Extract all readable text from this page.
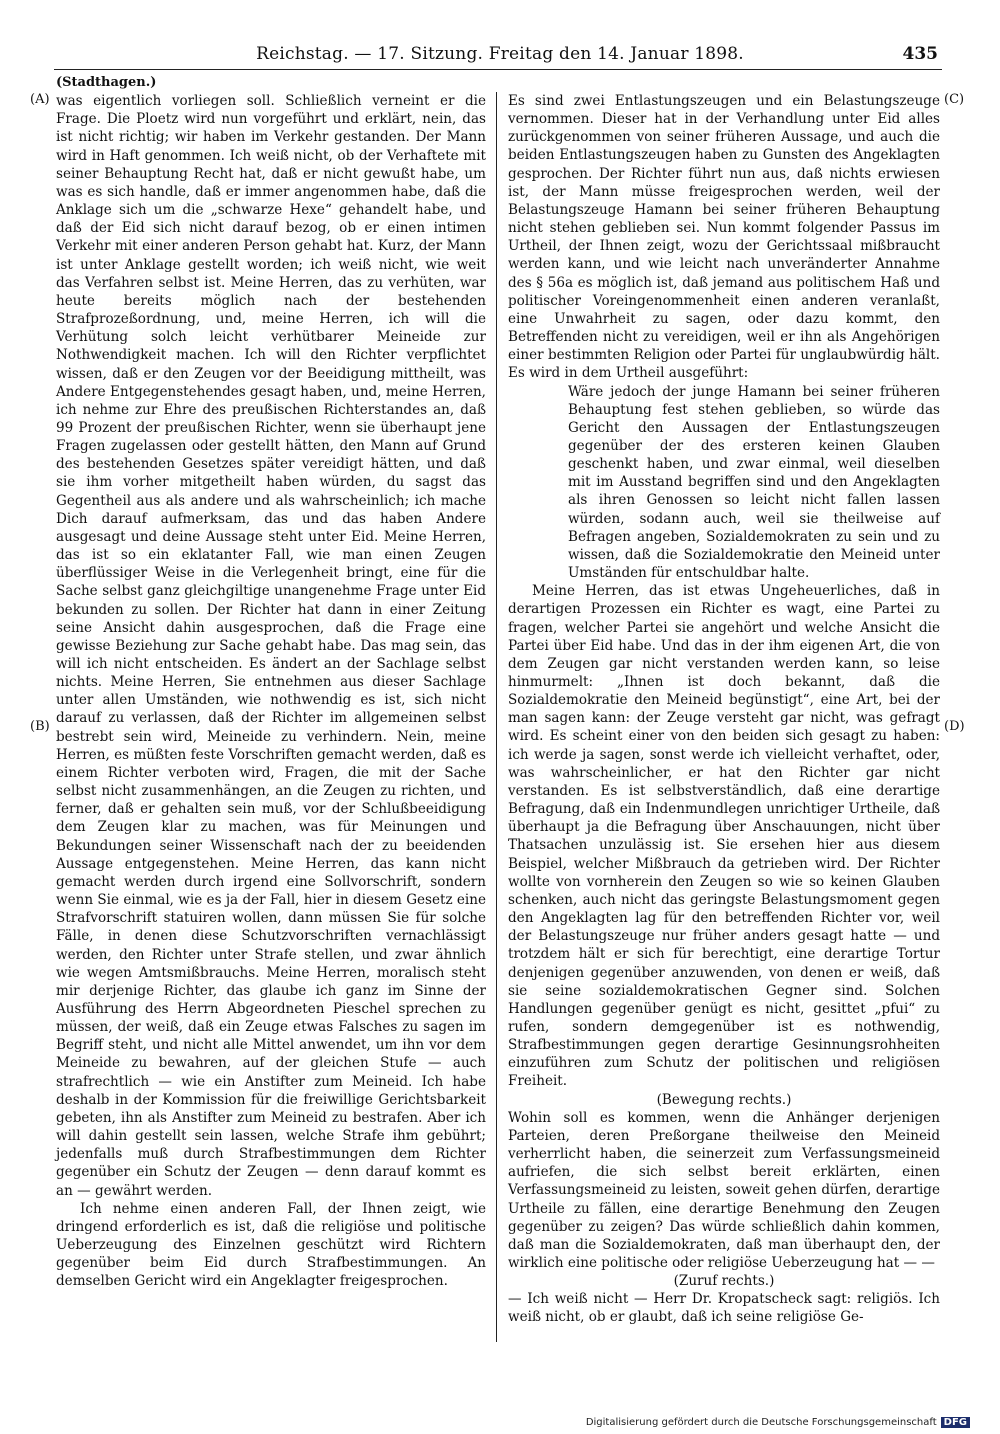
Reichstag. — 17. Sitzung. Freitag den 14. Januar 1898.	435
(A)
(B)
(C)
(D)

(Stadthagen.)

was eigentlich vorliegen soll. Schließlich verneint er die Frage. Die Ploetz wird nun vorgeführt und erklärt, nein, das ist nicht richtig; wir haben im Verkehr gestanden. Der Mann wird in Haft genommen. Ich weiß nicht, ob der Verhaftete mit seiner Behauptung Recht hat, daß er nicht gewußt habe, um was es sich handle, daß er immer angenommen habe, daß die Anklage sich um die „schwarze Hexe“ gehandelt habe, und daß der Eid sich nicht darauf bezog, ob er einen intimen Verkehr mit einer anderen Person gehabt hat. Kurz, der Mann ist unter Anklage gestellt worden; ich weiß nicht, wie weit das Verfahren selbst ist. Meine Herren, das zu verhüten, war heute bereits möglich nach der bestehenden Strafprozeßordnung, und, meine Herren, ich will die Verhütung solch leicht verhütbarer Meineide zur Nothwendigkeit machen. Ich will den Richter verpflichtet wissen, daß er den Zeugen vor der Beeidigung mittheilt, was Andere Entgegenstehendes gesagt haben, und, meine Herren, ich nehme zur Ehre des preußischen Richterstandes an, daß 99 Prozent der preußischen Richter, wenn sie überhaupt jene Fragen zugelassen oder gestellt hätten, den Mann auf Grund des bestehenden Gesetzes später vereidigt hätten, und daß sie ihm vorher mitgetheilt haben würden, du sagst das Gegentheil aus als andere und als wahrscheinlich; ich mache Dich darauf aufmerksam, das und das haben Andere ausgesagt und deine Aussage steht unter Eid. Meine Herren, das ist so ein eklatanter Fall, wie man einen Zeugen überflüssiger Weise in die Verlegenheit bringt, eine für die Sache selbst ganz gleichgiltige unangenehme Frage unter Eid bekunden zu sollen. Der Richter hat dann in einer Zeitung seine Ansicht dahin ausgesprochen, daß die Frage eine gewisse Beziehung zur Sache gehabt habe. Das mag sein, das will ich nicht entscheiden. Es ändert an der Sachlage selbst nichts. Meine Herren, Sie entnehmen aus dieser Sachlage unter allen Umständen, wie nothwendig es ist, sich nicht darauf zu verlassen, daß der Richter im allgemeinen selbst bestrebt sein wird, Meineide zu verhindern. Nein, meine Herren, es müßten feste Vorschriften gemacht werden, daß es einem Richter verboten wird, Fragen, die mit der Sache selbst nicht zusammenhängen, an die Zeugen zu richten, und ferner, daß er gehalten sein muß, vor der Schlußbeeidigung dem Zeugen klar zu machen, was für Meinungen und Bekundungen seiner Wissenschaft nach der zu beeidenden Aussage entgegenstehen. Meine Herren, das kann nicht gemacht werden durch irgend eine Sollvorschrift, sondern wenn Sie einmal, wie es ja der Fall, hier in diesem Gesetz eine Strafvorschrift statuiren wollen, dann müssen Sie für solche Fälle, in denen diese Schutzvorschriften vernachlässigt werden, den Richter unter Strafe stellen, und zwar ähnlich wie wegen Amtsmißbrauchs. Meine Herren, moralisch steht mir derjenige Richter, das glaube ich ganz im Sinne der Ausführung des Herrn Abgeordneten Pieschel sprechen zu müssen, der weiß, daß ein Zeuge etwas Falsches zu sagen im Begriff steht, und nicht alle Mittel anwendet, um ihn vor dem Meineide zu bewahren, auf der gleichen Stufe — auch strafrechtlich — wie ein Anstifter zum Meineid. Ich habe deshalb in der Kommission für die freiwillige Gerichtsbarkeit gebeten, ihn als Anstifter zum Meineid zu bestrafen. Aber ich will dahin gestellt sein lassen, welche Strafe ihm gebührt; jedenfalls muß durch Strafbestimmungen dem Richter gegenüber ein Schutz der Zeugen — denn darauf kommt es an — gewährt werden.

Ich nehme einen anderen Fall, der Ihnen zeigt, wie dringend erforderlich es ist, daß die religiöse und politische Ueberzeugung des Einzelnen geschützt wird Richtern gegenüber beim Eid durch Strafbestimmungen. An demselben Gericht wird ein Angeklagter freigesprochen.

Es sind zwei Entlastungszeugen und ein Belastungszeuge vernommen. Dieser hat in der Verhandlung unter Eid alles zurückgenommen von seiner früheren Aussage, und auch die beiden Entlastungszeugen haben zu Gunsten des Angeklagten gesprochen. Der Richter führt nun aus, daß nichts erwiesen ist, der Mann müsse freigesprochen werden, weil der Belastungszeuge Hamann bei seiner früheren Behauptung nicht stehen geblieben sei. Nun kommt folgender Passus im Urtheil, der Ihnen zeigt, wozu der Gerichtssaal mißbraucht werden kann, und wie leicht nach unveränderter Annahme des § 56a es möglich ist, daß jemand aus politischem Haß und politischer Voreingenommenheit einen anderen veranlaßt, eine Unwahrheit zu sagen, oder dazu kommt, den Betreffenden nicht zu vereidigen, weil er ihn als Angehörigen einer bestimmten Religion oder Partei für unglaubwürdig hält. Es wird in dem Urtheil ausgeführt:

Wäre jedoch der junge Hamann bei seiner früheren Behauptung fest stehen geblieben, so würde das Gericht den Aussagen der Entlastungszeugen gegenüber der des ersteren keinen Glauben geschenkt haben, und zwar einmal, weil dieselben mit im Ausstand begriffen sind und den Angeklagten als ihren Genossen so leicht nicht fallen lassen würden, sodann auch, weil sie theilweise auf Befragen angeben, Sozialdemokraten zu sein und zu wissen, daß die Sozialdemokratie den Meineid unter Umständen für entschuldbar halte.

Meine Herren, das ist etwas Ungeheuerliches, daß in derartigen Prozessen ein Richter es wagt, eine Partei zu fragen, welcher Partei sie angehört und welche Ansicht die Partei über Eid habe. Und das in der ihm eigenen Art, die von dem Zeugen gar nicht verstanden werden kann, so leise hinmurmelt: „Ihnen ist doch bekannt, daß die Sozialdemokratie den Meineid begünstigt“, eine Art, bei der man sagen kann: der Zeuge versteht gar nicht, was gefragt wird. Es scheint einer von den beiden sich gesagt zu haben: ich werde ja sagen, sonst werde ich vielleicht verhaftet, oder, was wahrscheinlicher, er hat den Richter gar nicht verstanden. Es ist selbstverständlich, daß eine derartige Befragung, daß ein Indenmundlegen unrichtiger Urtheile, daß überhaupt ja die Befragung über Anschauungen, nicht über Thatsachen unzulässig ist. Sie ersehen hier aus diesem Beispiel, welcher Mißbrauch da getrieben wird. Der Richter wollte von vornherein den Zeugen so wie so keinen Glauben schenken, auch nicht das geringste Belastungsmoment gegen den Angeklagten lag für den betreffenden Richter vor, weil der Belastungszeuge nur früher anders gesagt hatte — und trotzdem hält er sich für berechtigt, eine derartige Tortur denjenigen gegenüber anzuwenden, von denen er weiß, daß sie seine sozialdemokratischen Gegner sind. Solchen Handlungen gegenüber genügt es nicht, gesittet „pfui“ zu rufen, sondern demgegenüber ist es nothwendig, Strafbestimmungen gegen derartige Gesinnungsrohheiten einzuführen zum Schutz der politischen und religiösen Freiheit.

(Bewegung rechts.)

Wohin soll es kommen, wenn die Anhänger derjenigen Parteien, deren Preßorgane theilweise den Meineid verherrlicht haben, die seinerzeit zum Verfassungsmeineid aufriefen, die sich selbst bereit erklärten, einen Verfassungsmeineid zu leisten, soweit gehen dürfen, derartige Urtheile zu fällen, eine derartige Benehmung den Zeugen gegenüber zu zeigen? Das würde schließlich dahin kommen, daß man die Sozialdemokraten, daß man überhaupt den, der wirklich eine politische oder religiöse Ueberzeugung hat — —

(Zuruf rechts.)

— Ich weiß nicht — Herr Dr. Kropatscheck sagt: religiös. Ich weiß nicht, ob er glaubt, daß ich seine religiöse Ge-

Digitalisierung gefördert durch die Deutsche Forschungsgemeinschaft DFG
